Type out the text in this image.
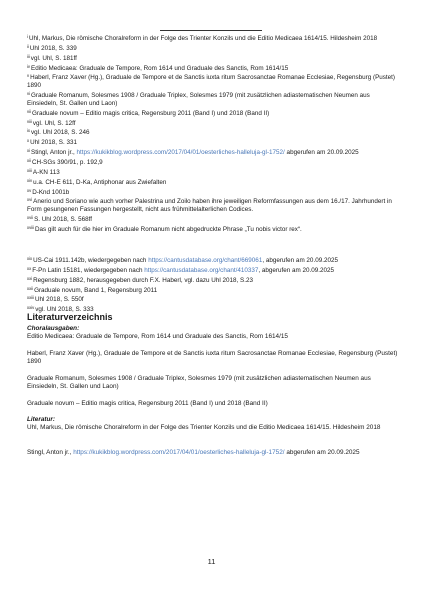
$^i$Uhl, Markus, Die römische Choralreform in der Folge des Trienter Konzils und die Editio Medicaea 1614/15. Hildesheim 2018

$^{ii}$Uhl 2018, S. 339

$^{iii}$vgl. Uhl, S. 181ff

$^{iv}$Editio Medicaea: Graduale de Tempore, Rom 1614 und Graduale des Sanctis, Rom 1614/15

$^v$Haberl, Franz Xaver (Hg.), Graduale de Tempore et de Sanctis iuxta ritum Sacrosanctae Romanae Ecclesiae, Regensburg (Pustet) 1890

$^{vi}$Graduale Romanum, Solesmes 1908 / Graduale Triplex, Solesmes 1979 (mit zusätzlichen adiastematischen Neumen aus Einsiedeln, St. Gallen und Laon)

$^{vii}$Graduale novum – Editio magis critica, Regensburg 2011 (Band I) und 2018 (Band II)

$^{viii}$vgl. Uhl, S. 12ff

$^{ix}$vgl. Uhl 2018, S. 246

$^x$Uhl 2018, S. 331

$^{xi}$Stingl, Anton jr., https://kukikblog.wordpress.com/2017/04/01/oesterliches-halleluja-gl-1752/ abgerufen am 20.09.2025

$^{xii}$CH-SGs 390/91, p. 192,9

$^{xiii}$A-KN 113

$^{xiv}$u.a. CH-E 611, D-Ka, Antiphonar aus Zwiefalten

$^{xv}$D-Knd 1001b

$^{xvi}$Anerio und Soriano wie auch vorher Palestrina und Zoilo haben ihre jeweiligen Reformfassungen aus dem 16./17. Jahrhundert in Form gesungenen Fassungen hergestellt, nicht aus frühmittelalterlichen Codices.

$^{xvii}$S. Uhl 2018, S. 568ff

$^{xviii}$Das gilt auch für die hier im Graduale Romanum nicht abgedruckte Phrase „Tu nobis victor rex“.

$^{xix}$US-Cai 1911.142b, wiedergegeben nach https://cantusdatabase.org/chant/669061, abgerufen am 20.09.2025

$^{xx}$F-Pn Latin 15181, wiedergegeben nach https://cantusdatabase.org/chant/410337, abgerufen am 20.09.2025

$^{xxi}$Regensburg 1882, herausgegeben durch F.X. Haberl, vgl. dazu Uhl 2018, S.23

$^{xxii}$Graduale novum, Band 1, Regensburg 2011

$^{xxiii}$Uhl 2018, S. 550f

$^{xxiv}$vgl. Uhl 2018, S. 333

Literaturverzeichnis

Choralausgaben:

Editio Medicaea: Graduale de Tempore, Rom 1614 und Graduale des Sanctis, Rom 1614/15

Haberl, Franz Xaver (Hg.), Graduale de Tempore et de Sanctis iuxta ritum Sacrosanctae Romanae Ecclesiae, Regensburg (Pustet) 1890

Graduale Romanum, Solesmes 1908 / Graduale Triplex, Solesmes 1979 (mit zusätzlichen adiastematischen Neumen aus Einsiedeln, St. Gallen und Laon)

Graduale novum – Editio magis critica, Regensburg 2011 (Band I) und 2018 (Band II)

Literatur:

Uhl, Markus, Die römische Choralreform in der Folge des Trienter Konzils und die Editio Medicaea 1614/15. Hildesheim 2018

Stingl, Anton jr., https://kukikblog.wordpress.com/2017/04/01/oesterliches-halleluja-gl-1752/ abgerufen am 20.09.2025

11
